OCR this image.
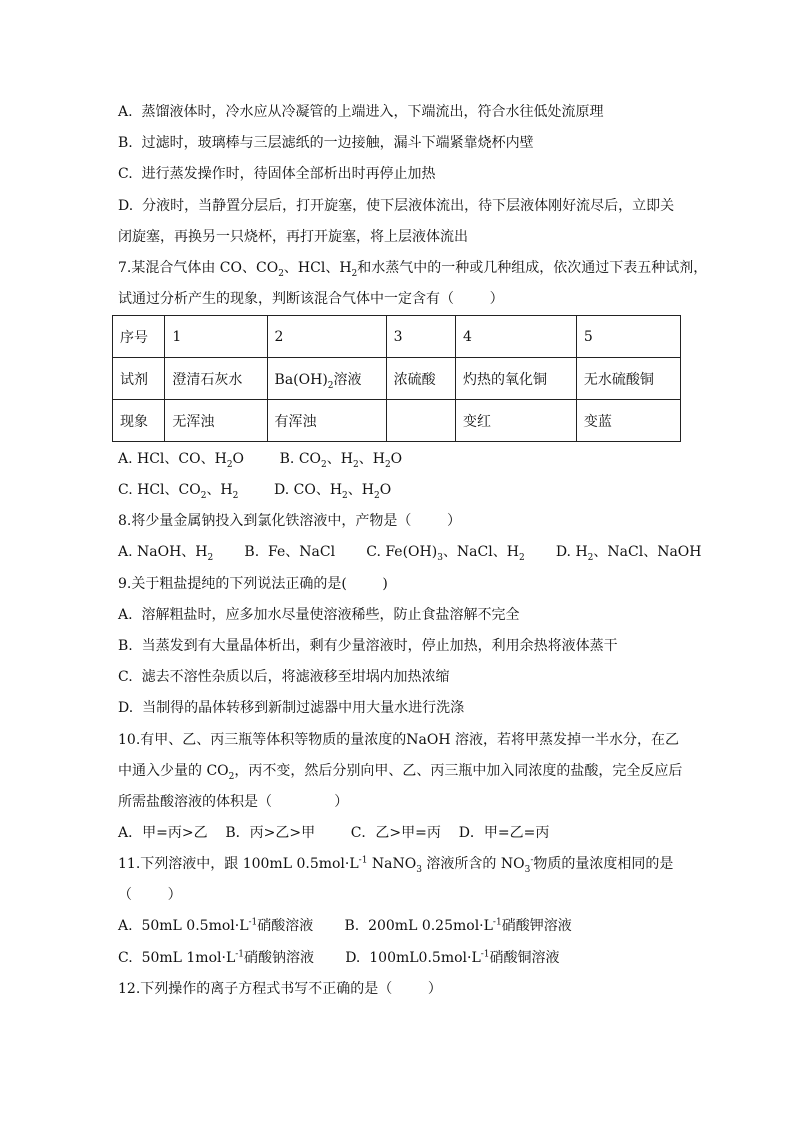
A.  蒸馏液体时，冷水应从冷凝管的上端进入，下端流出，符合水往低处流原理
B.  过滤时，玻璃棒与三层滤纸的一边接触，漏斗下端紧靠烧杯内壁
C.  进行蒸发操作时，待固体全部析出时再停止加热
D.  分液时，当静置分层后，打开旋塞，使下层液体流出，待下层液体刚好流尽后，立即关
闭旋塞，再换另一只烧杯，再打开旋塞，将上层液体流出
7.某混合气体由 CO、$CO_2$、HCl、$H_2$和水蒸气中的一种或几种组成，依次通过下表五种试剂，
试通过分析产生的现象，判断该混合气体中一定含有（        ）
序号	1	2	3	4	5
试剂	澄清石灰水	$Ba(OH)_2$溶液	浓硫酸	灼热的氧化铜	无水硫酸铜
现象	无浑浊	有浑浊		变红	变蓝
A. HCl、CO、$H_2O$	B. $CO_2$、$H_2$、$H_2O$
C. HCl、$CO_2$、$H_2$	D. CO、$H_2$、$H_2O$
8.将少量金属钠投入到氯化铁溶液中，产物是（        ）
A. NaOH、$H_2$ B.  Fe、NaCl C. $Fe(OH)_3$、NaCl、$H_2$ D. $H_2$、NaCl、NaOH
9.关于粗盐提纯的下列说法正确的是(        )
A.  溶解粗盐时，应多加水尽量使溶液稀些，防止食盐溶解不完全
B.  当蒸发到有大量晶体析出，剩有少量溶液时，停止加热，利用余热将液体蒸干
C.  滤去不溶性杂质以后，将滤液移至坩埚内加热浓缩
D.  当制得的晶体转移到新制过滤器中用大量水进行洗涤
10.有甲、乙、丙三瓶等体积等物质的量浓度的NaOH 溶液，若将甲蒸发掉一半水分，在乙
中通入少量的 $CO_2$，丙不变，然后分别向甲、乙、丙三瓶中加入同浓度的盐酸，完全反应后
所需盐酸溶液的体积是（              ）
A．甲=丙>乙    B．丙>乙>甲        C．乙>甲=丙    D．甲=乙=丙
11.下列溶液中，跟 100mL $0.5mol\cdot L^{-1}$ NaNO$_3$ 溶液所含的 $NO_3^-$物质的量浓度相同的是
（        ）
A.  50mL $0.5mol\cdot L^{-1}$硝酸溶液 B.  200mL $0.25mol\cdot L^{-1}$硝酸钾溶液
C.  50mL $1mol\cdot L^{-1}$硝酸钠溶液 D.  $100mL0.5mol\cdot L^{-1}$硝酸铜溶液
12.下列操作的离子方程式书写不正确的是（        ）
